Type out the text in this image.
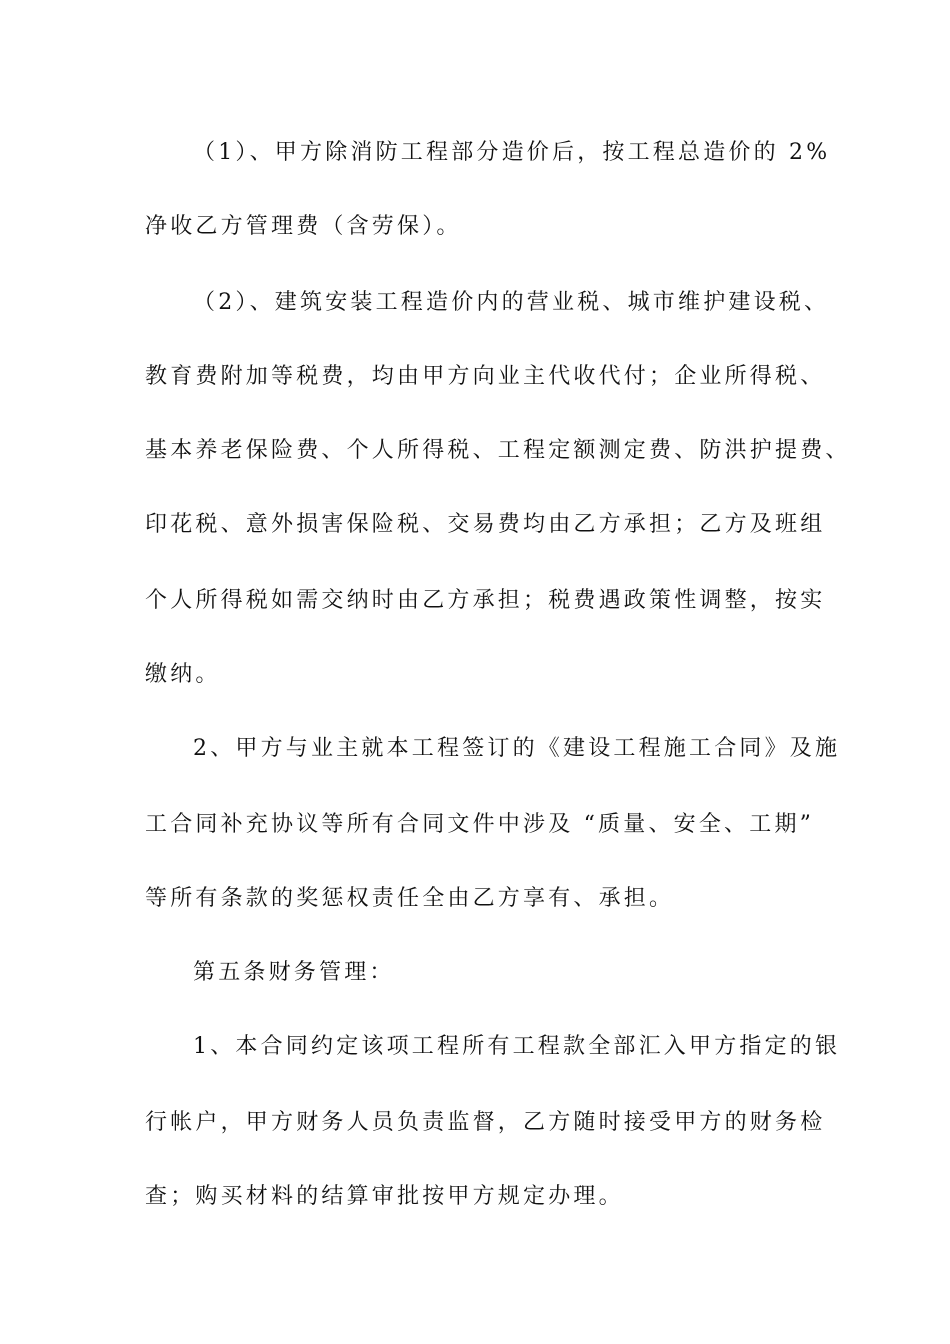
（1）、甲方除消防工程部分造价后，按工程总造价的 2%
净收乙方管理费（含劳保）。
（2）、建筑安装工程造价内的营业税、城市维护建设税、
教育费附加等税费，均由甲方向业主代收代付；企业所得税、
基本养老保险费、个人所得税、工程定额测定费、防洪护提费、
印花税、意外损害保险税、交易费均由乙方承担；乙方及班组
个人所得税如需交纳时由乙方承担；税费遇政策性调整，按实
缴纳。
2、甲方与业主就本工程签订的《建设工程施工合同》及施
工合同补充协议等所有合同文件中涉及 “质量、安全、工期”
等所有条款的奖惩权责任全由乙方享有、承担。
第五条财务管理：
1、本合同约定该项工程所有工程款全部汇入甲方指定的银
行帐户，甲方财务人员负责监督，乙方随时接受甲方的财务检
查；购买材料的结算审批按甲方规定办理。
